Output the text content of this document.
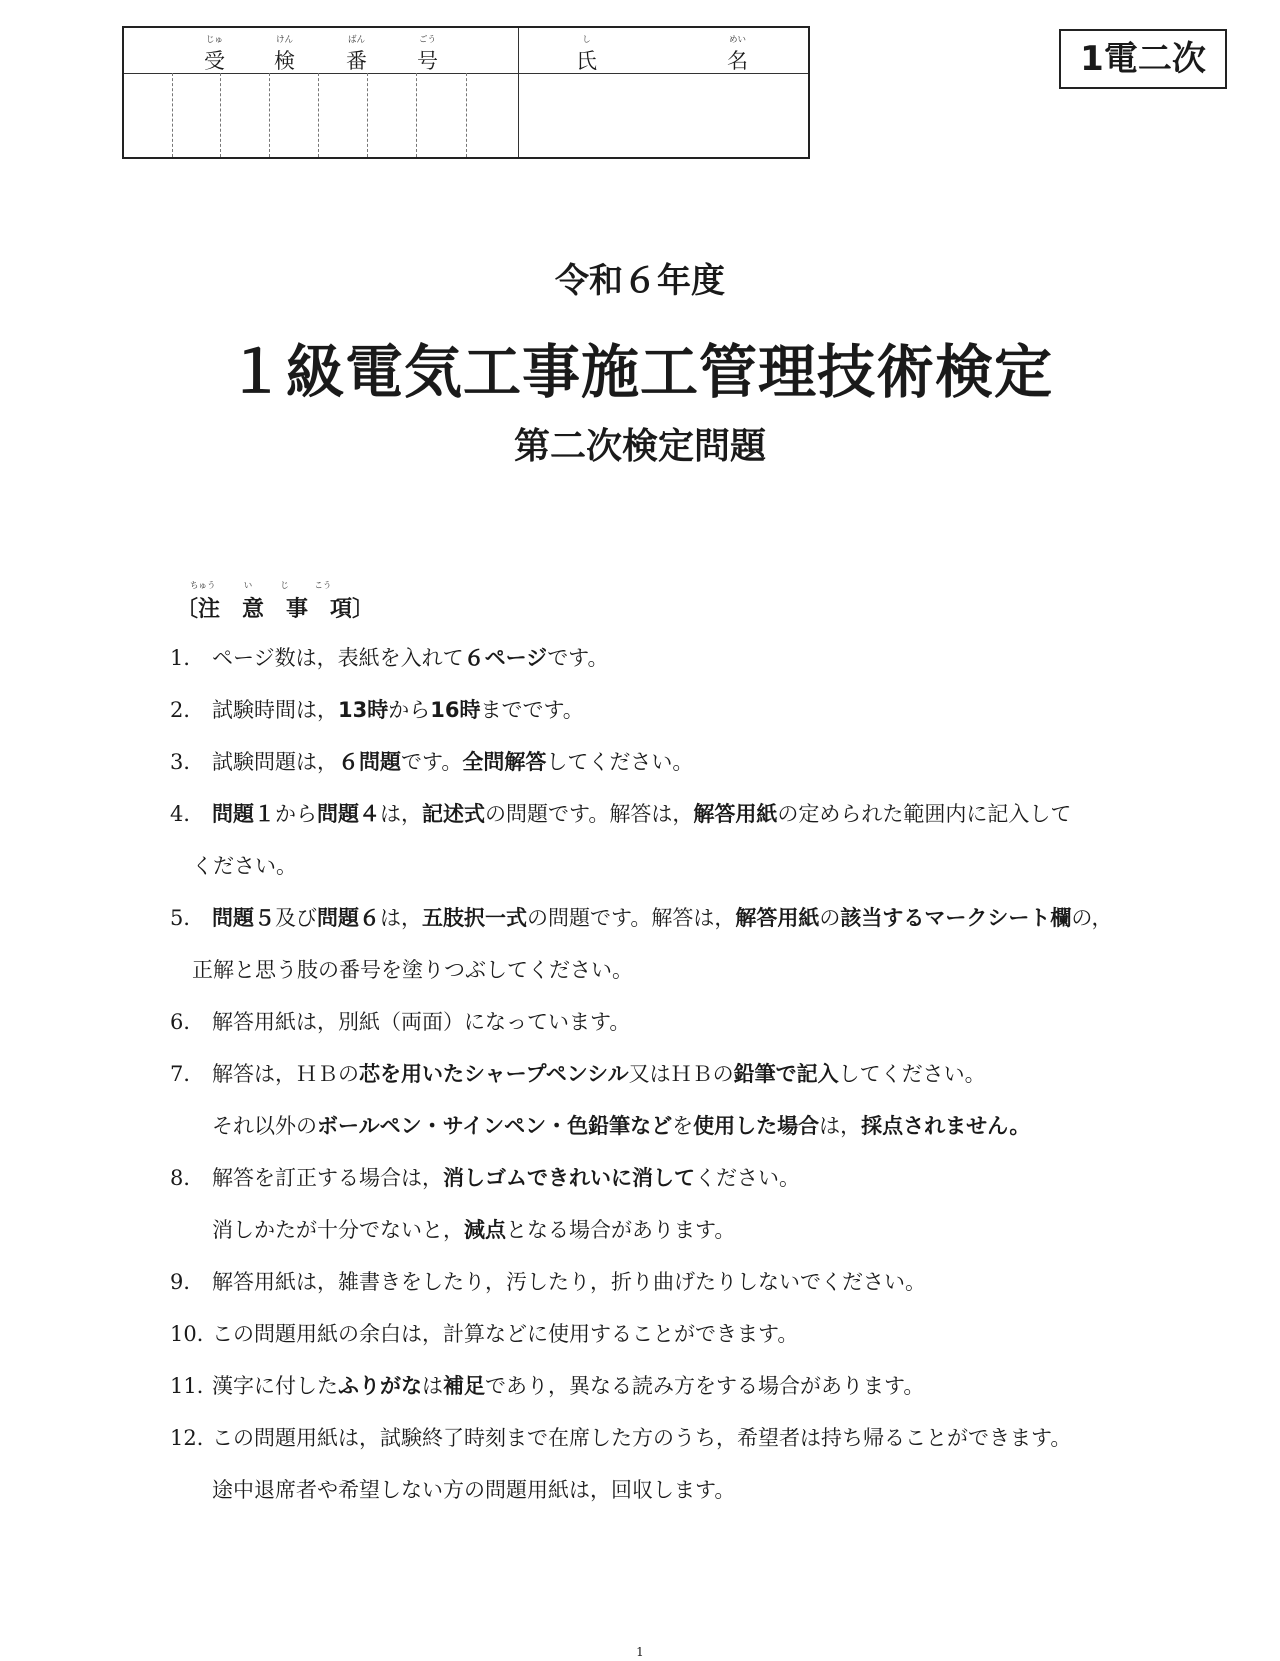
じゅ
受
けん
検
ばん
番
ごう
号
し
氏
めい
名	1電二次
令和６年度
１級電気工事施工管理技術検定
第二次検定問題
ちゅう　　　 い　　　 じ　　　こう
〔注　意　事　項〕
1． ページ数は，表紙を入れて６ページです。
2． 試験時間は，13時から16時までです。
3． 試験問題は，６問題です。全問解答してください。
4． 問題１から問題４は，記述式の問題です。解答は，解答用紙の定められた範囲内に記入して
ください。
5． 問題５及び問題６は，五肢択一式の問題です。解答は，解答用紙の該当するマークシート欄の，
正解と思う肢の番号を塗りつぶしてください。
6． 解答用紙は，別紙（両面）になっています。
7． 解答は，ＨＢの芯を用いたシャープペンシル又はＨＢの鉛筆で記入してください。
それ以外のボールペン・サインペン・色鉛筆などを使用した場合は，採点されません。
8． 解答を訂正する場合は，消しゴムできれいに消してください。
消しかたが十分でないと，減点となる場合があります。
9． 解答用紙は，雑書きをしたり，汚したり，折り曲げたりしないでください。
10．この問題用紙の余白は，計算などに使用することができます。
11．漢字に付したふりがなは補足であり，異なる読み方をする場合があります。
12．この問題用紙は，試験終了時刻まで在席した方のうち，希望者は持ち帰ることができます。
途中退席者や希望しない方の問題用紙は，回収します。
1
